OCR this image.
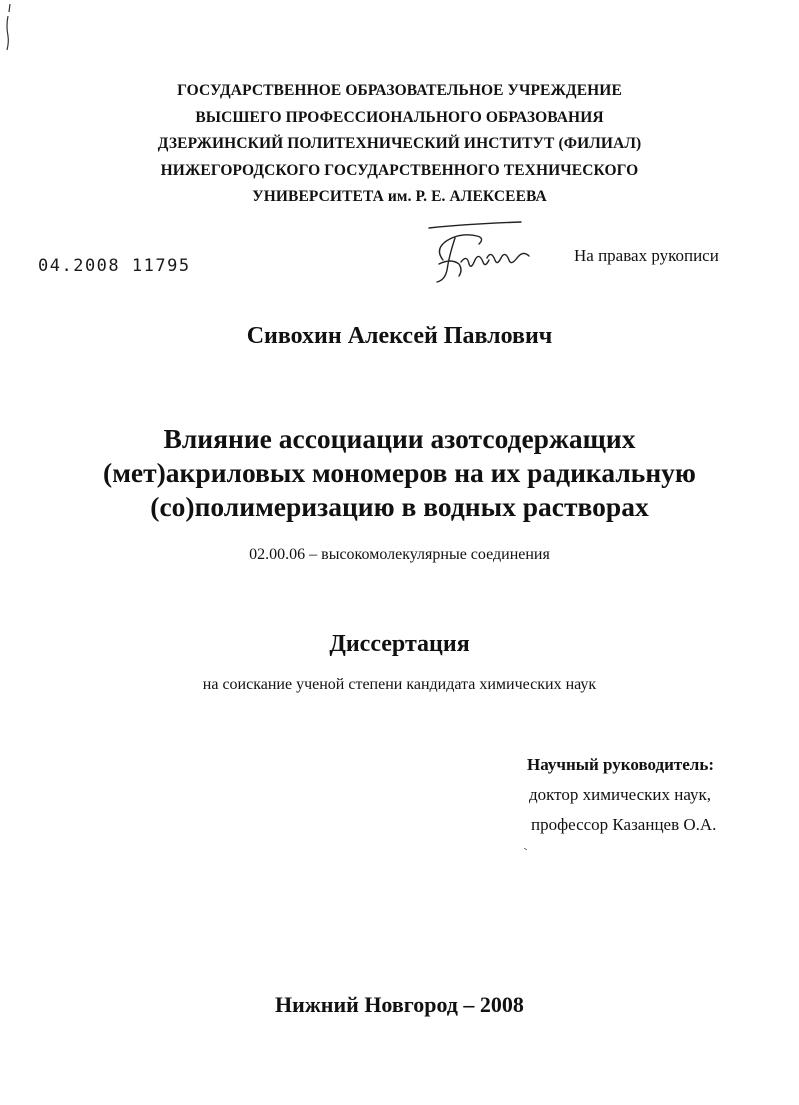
ГОСУДАРСТВЕННОЕ ОБРАЗОВАТЕЛЬНОЕ УЧРЕЖДЕНИЕ
ВЫСШЕГО ПРОФЕССИОНАЛЬНОГО ОБРАЗОВАНИЯ
ДЗЕРЖИНСКИЙ ПОЛИТЕХНИЧЕСКИЙ ИНСТИТУТ (ФИЛИАЛ)
НИЖЕГОРОДСКОГО ГОСУДАРСТВЕННОГО ТЕХНИЧЕСКОГО
УНИВЕРСИТЕТА им. Р. Е. АЛЕКСЕЕВА
04.2008 11795
На правах рукописи
Сивохин Алексей Павлович
Влияние ассоциации азотсодержащих
(мет)акриловых мономеров на их радикальную
(со)полимеризацию в водных растворах
02.00.06 – высокомолекулярные соединения
Диссертация
на соискание ученой степени кандидата химических наук
Научный руководитель:
доктор химических наук,
профессор Казанцев О.А.
Нижний Новгород – 2008
